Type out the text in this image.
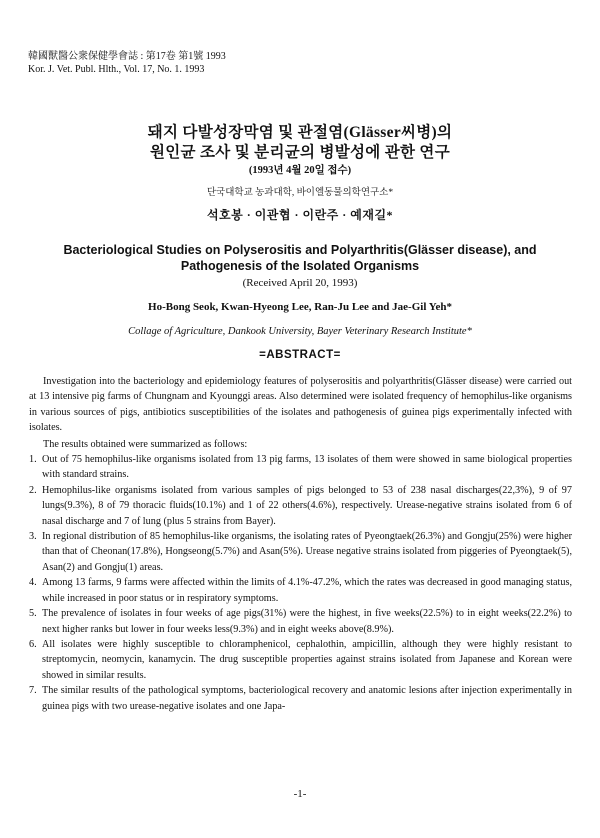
韓國獸醫公衆保健學會誌 : 第17卷 第1號 1993
Kor. J. Vet. Publ. Hlth., Vol. 17, No. 1. 1993
돼지 다발성장막염 및 관절염(Glässer씨병)의
원인균 조사 및 분리균의 병발성에 관한 연구
(1993년 4월 20일 접수)
단국대학교 농과대학, 바이엘동물의학연구소*
석호봉 · 이관협 · 이란주 · 예재길*
Bacteriological Studies on Polyserositis and Polyarthritis(Glässer disease), and
Pathogenesis of the Isolated Organisms
(Received April 20, 1993)
Ho-Bong Seok, Kwan-Hyeong Lee, Ran-Ju Lee and Jae-Gil Yeh*
Collage of Agriculture, Dankook University, Bayer Veterinary Research Institute*
=ABSTRACT=

Investigation into the bacteriology and epidemiology features of polyserositis and polyarthritis(Glässer disease) were carried out at 13 intensive pig farms of Chungnam and Kyounggi areas. Also determined were isolated frequency of hemophilus-like organisms in various sources of pigs, antibiotics susceptibilities of the isolates and pathogenesis of guinea pigs experimentally infected with isolates.

The results obtained were summarized as follows:

1. Out of 75 hemophilus-like organisms isolated from 13 pig farms, 13 isolates of them were showed in same biological properties with standard strains.
2. Hemophilus-like organisms isolated from various samples of pigs belonged to 53 of 238 nasal discharges(22,3%), 9 of 97 lungs(9.3%), 8 of 79 thoracic fluids(10.1%) and 1 of 22 others(4.6%), respectively. Urease-negative strains isolated from 6 of nasal discharge and 7 of lung (plus 5 strains from Bayer).
3. In regional distribution of 85 hemophilus-like organisms, the isolating rates of Pyeongtaek(26.3%) and Gongju(25%) were higher than that of Cheonan(17.8%), Hongseong(5.7%) and Asan(5%). Urease negative strains isolated from piggeries of Pyeongtaek(5), Asan(2) and Gongju(1) areas.
4. Among 13 farms, 9 farms were affected within the limits of 4.1%-47.2%, which the rates was decreased in good managing status, while increased in poor status or in respiratory symptoms.
5. The prevalence of isolates in four weeks of age pigs(31%) were the highest, in five weeks(22.5%) to in eight weeks(22.2%) to next higher ranks but lower in four weeks less(9.3%) and in eight weeks above(8.9%).
6. All isolates were highly susceptible to chloramphenicol, cephalothin, ampicillin, although they were highly resistant to streptomycin, neomycin, kanamycin. The drug susceptible properties against strains isolated from Japanese and Korean were showed in similar results.
7. The similar results of the pathological symptoms, bacteriological recovery and anatomic lesions after injection experimentally in guinea pigs with two urease-negative isolates and one Japa-
-1-
